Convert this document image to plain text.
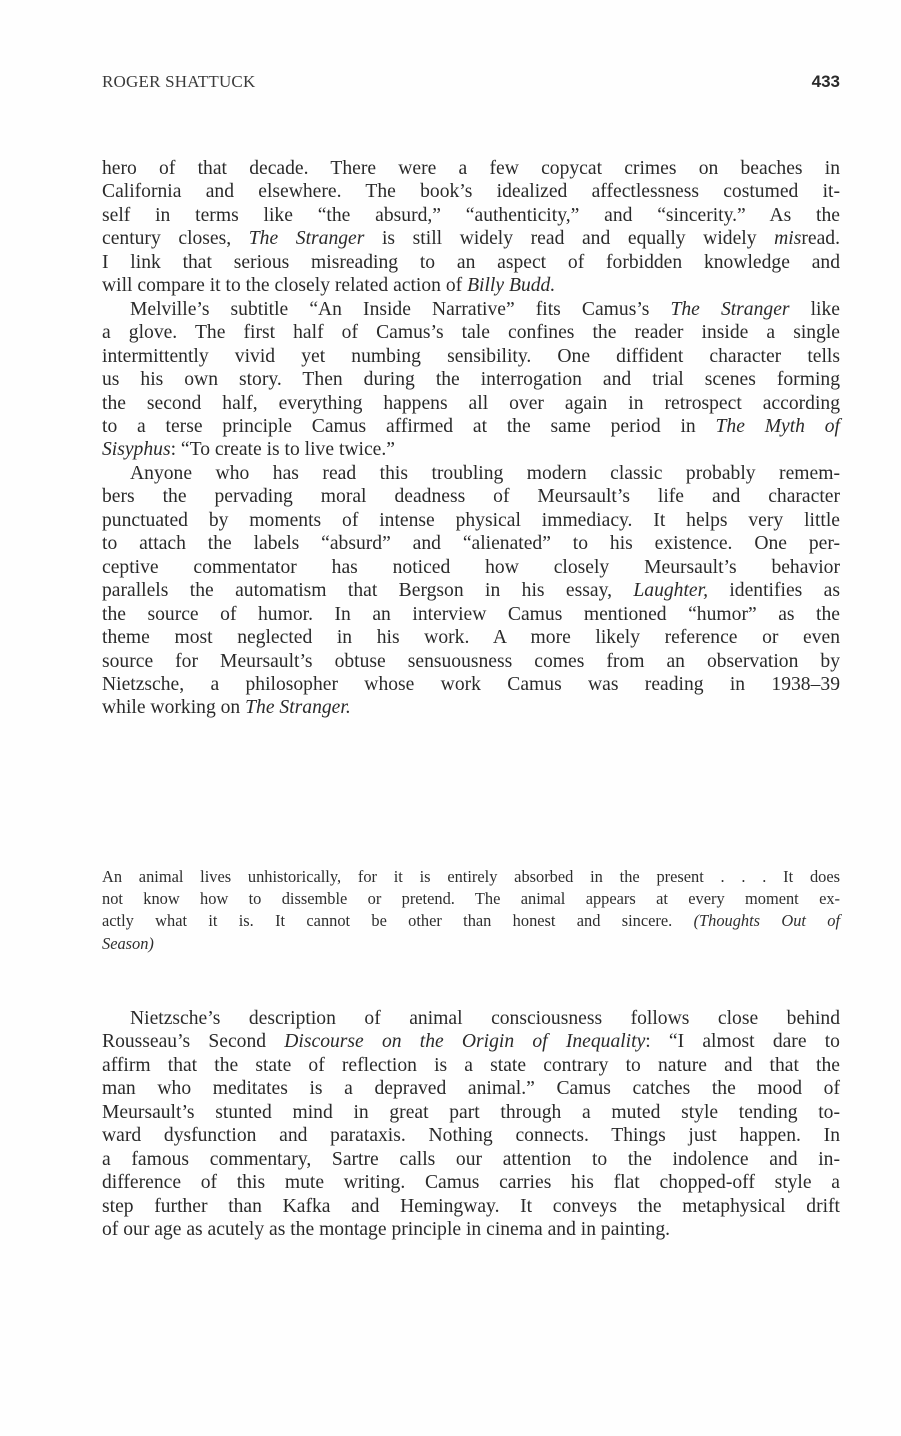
ROGER SHATTUCK	433

hero of that decade. There were a few copycat crimes on beaches in
California and elsewhere. The book’s idealized affectlessness costumed it-
self in terms like “the absurd,” “authenticity,” and “sincerity.” As the
century closes, The Stranger is still widely read and equally widely misread.
I link that serious misreading to an aspect of forbidden knowledge and
will compare it to the closely related action of Billy Budd.

Melville’s subtitle “An Inside Narrative” fits Camus’s The Stranger like
a glove. The first half of Camus’s tale confines the reader inside a single
intermittently vivid yet numbing sensibility. One diffident character tells
us his own story. Then during the interrogation and trial scenes forming
the second half, everything happens all over again in retrospect according
to a terse principle Camus affirmed at the same period in The Myth of
Sisyphus: “To create is to live twice.”

Anyone who has read this troubling modern classic probably remem-
bers the pervading moral deadness of Meursault’s life and character
punctuated by moments of intense physical immediacy. It helps very little
to attach the labels “absurd” and “alienated” to his existence. One per-
ceptive commentator has noticed how closely Meursault’s behavior
parallels the automatism that Bergson in his essay, Laughter, identifies as
the source of humor. In an interview Camus mentioned “humor” as the
theme most neglected in his work. A more likely reference or even
source for Meursault’s obtuse sensuousness comes from an observation by
Nietzsche, a philosopher whose work Camus was reading in 1938–39
while working on The Stranger.

An animal lives unhistorically, for it is entirely absorbed in the present . . . It does
not know how to dissemble or pretend. The animal appears at every moment ex-
actly what it is. It cannot be other than honest and sincere. (Thoughts Out of
Season)

Nietzsche’s description of animal consciousness follows close behind
Rousseau’s Second Discourse on the Origin of Inequality: “I almost dare to
affirm that the state of reflection is a state contrary to nature and that the
man who meditates is a depraved animal.” Camus catches the mood of
Meursault’s stunted mind in great part through a muted style tending to-
ward dysfunction and parataxis. Nothing connects. Things just happen. In
a famous commentary, Sartre calls our attention to the indolence and in-
difference of this mute writing. Camus carries his flat chopped-off style a
step further than Kafka and Hemingway. It conveys the metaphysical drift
of our age as acutely as the montage principle in cinema and in painting.
